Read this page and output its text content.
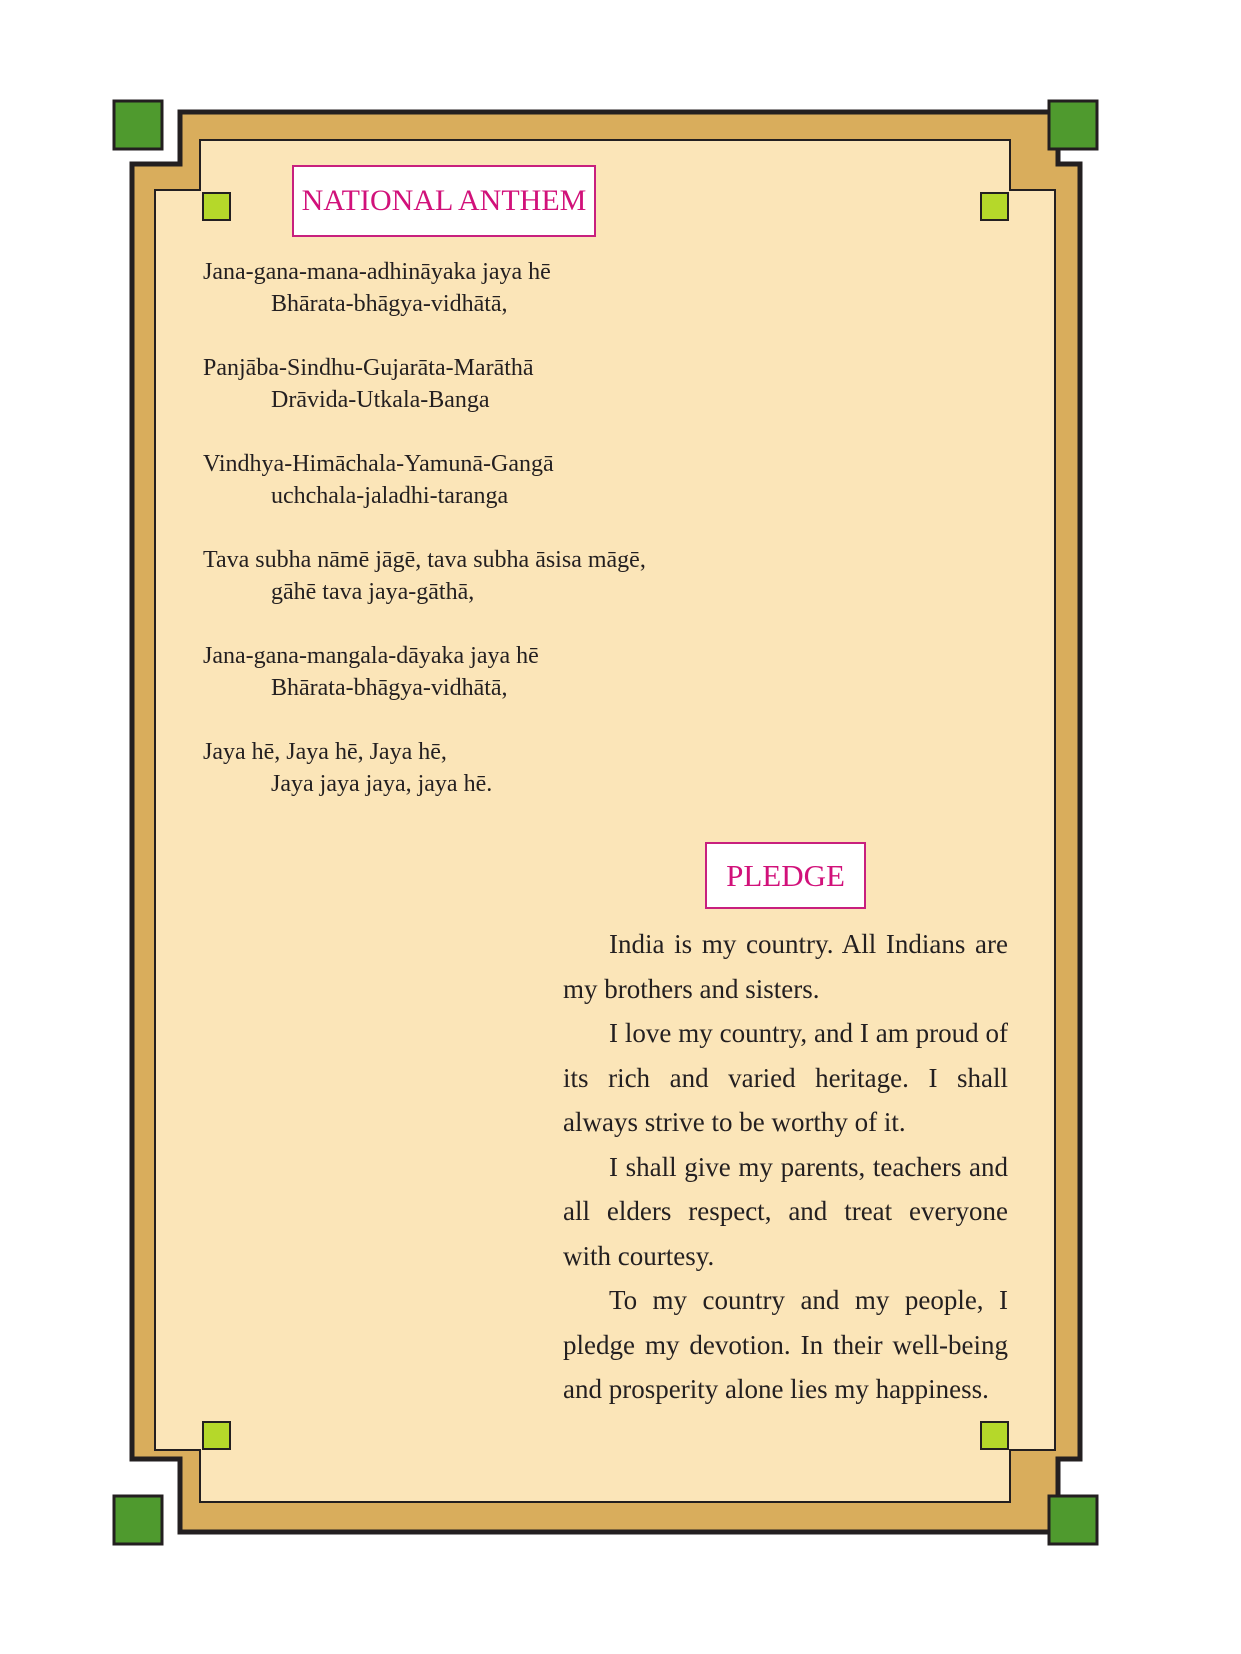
NATIONAL ANTHEM
Jana-gana-mana-adhināyaka jaya hē
Bhārata-bhāgya-vidhātā,
Panjāba-Sindhu-Gujarāta-Marāthā
Drāvida-Utkala-Banga
Vindhya-Himāchala-Yamunā-Gangā
uchchala-jaladhi-taranga
Tava subha nāmē jāgē, tava subha āsisa māgē,
gāhē tava jaya-gāthā,
Jana-gana-mangala-dāyaka jaya hē
Bhārata-bhāgya-vidhātā,
Jaya hē, Jaya hē, Jaya hē,
Jaya jaya jaya, jaya hē.
PLEDGE

India is my country. All Indians are my brothers and sisters.

I love my country, and I am proud of its rich and varied heritage. I shall always strive to be worthy of it.

I shall give my parents, teachers and all elders respect, and treat everyone with courtesy.

To my country and my people, I pledge my devotion. In their well-being and prosperity alone lies my happiness.
